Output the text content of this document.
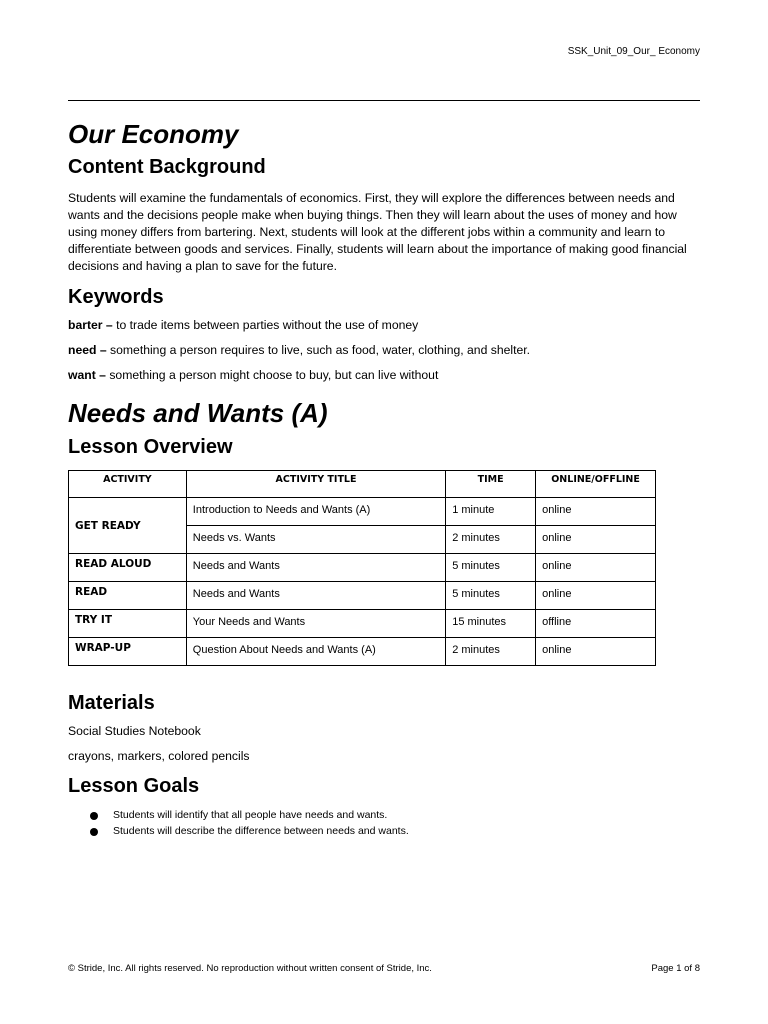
SSK_Unit_09_Our_ Economy
Our Economy
Content Background

Students will examine the fundamentals of economics. First, they will explore the differences between needs and wants and the decisions people make when buying things. Then they will learn about the uses of money and how using money differs from bartering. Next, students will look at the different jobs within a community and learn to differentiate between goods and services. Finally, students will learn about the importance of making good financial decisions and having a plan to save for the future.

Keywords

barter – to trade items between parties without the use of money

need – something a person requires to live, such as food, water, clothing, and shelter.

want – something a person might choose to buy, but can live without

Needs and Wants (A)
Lesson Overview
ACTIVITY	ACTIVITY TITLE	TIME	ONLINE/OFFLINE
GET READY	Introduction to Needs and Wants (A)	1 minute	online
	Needs vs. Wants	2 minutes	online
READ ALOUD	Needs and Wants	5 minutes	online
READ	Needs and Wants	5 minutes	online
TRY IT	Your Needs and Wants	15 minutes	offline
WRAP-UP	Question About Needs and Wants (A)	2 minutes	online
Materials

Social Studies Notebook

crayons, markers, colored pencils

Lesson Goals
Students will identify that all people have needs and wants.
Students will describe the difference between needs and wants.
© Stride, Inc. All rights reserved. No reproduction without written consent of Stride, Inc.	Page 1 of 8
